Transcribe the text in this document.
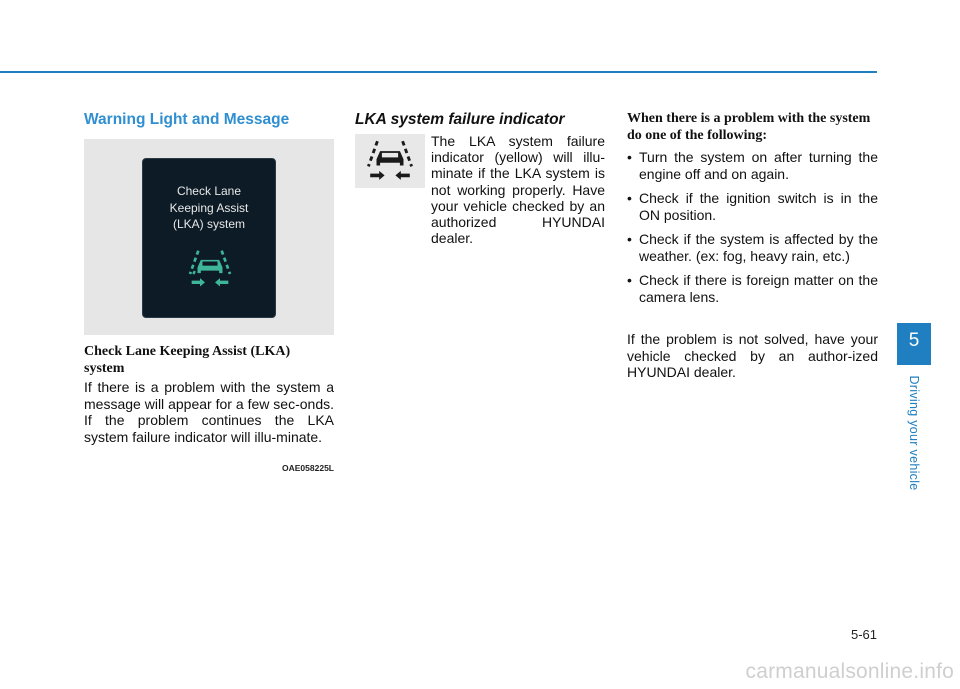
Warning Light and Message
Check Lane
Keeping Assist
(LKA) system
OAE058225L
Check Lane Keeping Assist (LKA) system
If there is a problem with the system a message will appear for a few sec-onds. If the problem continues the LKA system failure indicator will illu-minate.
LKA system failure indicator
The LKA system failure indicator (yellow) will illu-minate if the LKA system is not working properly. Have your vehicle checked by an authorized HYUNDAI dealer.
When there is a problem with the system do one of the following:
• Turn the system on after turning the engine off and on again.
• Check if the ignition switch is in the ON position.
• Check if the system is affected by the weather. (ex: fog, heavy rain, etc.)
• Check if there is foreign matter on the camera lens.
If the problem is not solved, have your vehicle checked by an author-ized HYUNDAI dealer.
5
Driving your vehicle
5-61
carmanualsonline.info
